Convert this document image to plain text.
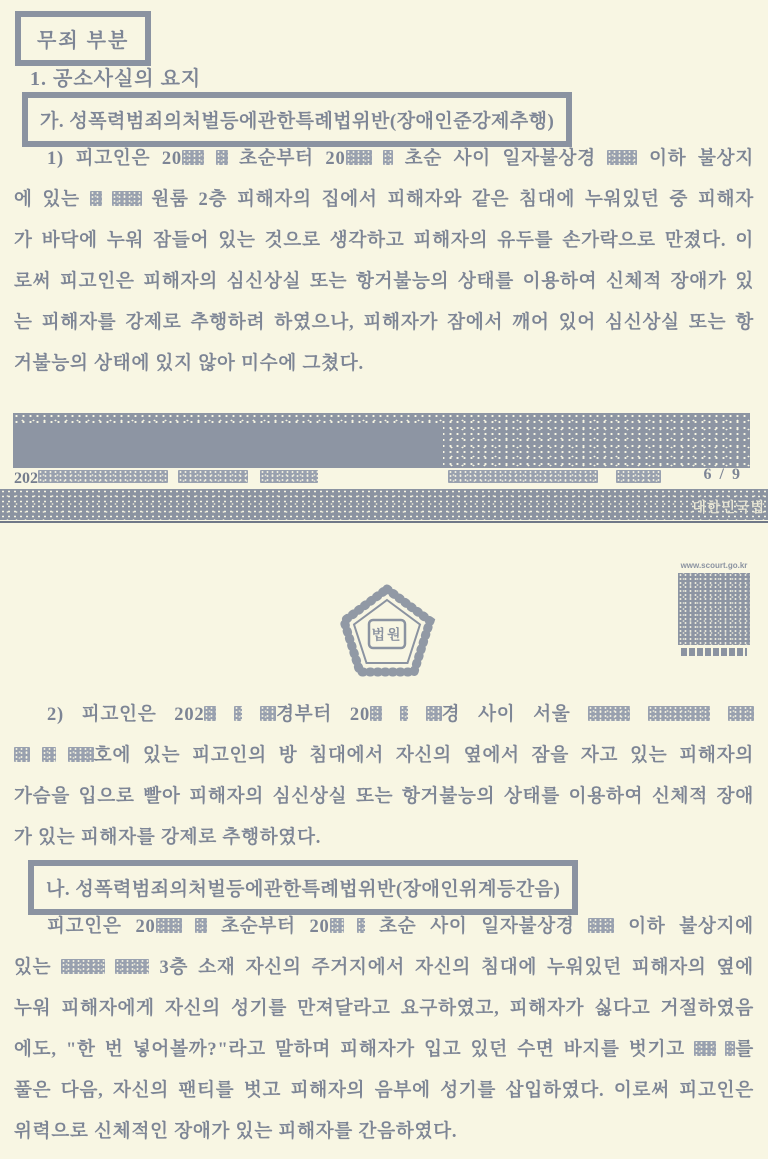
무죄 부분
1. 공소사실의 요지
가. 성폭력범죄의처벌등에관한특례법위반(장애인준강제추행)
1) 피고인은 20  초순부터 20	초순 사이 일자불상경  이하 불상지
에 있는	원룸 2층 피해자의 집에서 피해자와 같은 침대에 누워있던 중 피해자
가 바닥에 누워 잠들어 있는 것으로 생각하고 피해자의 유두를 손가락으로 만졌다. 이
로써 피고인은 피해자의 심신상실 또는 항거불능의 상태를 이용하여 신체적 장애가 있
는 피해자를 강제로 추행하려 하였으나, 피해자가 잠에서 깨어 있어 심신상실 또는 항
거불능의 상태에 있지 않아 미수에 그쳤다.
202	6 / 9
대한민국법
법원
www.scourt.go.kr
2) 피고인은 202	경부터 20	경 사이 서울
호에 있는 피고인의 방 침대에서 자신의 옆에서 잠을 자고 있는 피해자의
가슴을 입으로 빨아 피해자의 심신상실 또는 항거불능의 상태를 이용하여 신체적 장애
가 있는 피해자를 강제로 추행하였다.
나. 성폭력범죄의처벌등에관한특례법위반(장애인위계등간음)
피고인은 20	초순부터 20  초순 사이 일자불상경  이하 불상지에
있는	3층 소재 자신의 주거지에서 자신의 침대에 누워있던 피해자의 옆에
누워 피해자에게 자신의 성기를 만져달라고 요구하였고, 피해자가 싫다고 거절하였음
에도, "한 번 넣어볼까?"라고 말하며 피해자가 입고 있던 수면 바지를 벗기고  를
풀은 다음, 자신의 팬티를 벗고 피해자의 음부에 성기를 삽입하였다. 이로써 피고인은
위력으로 신체적인 장애가 있는 피해자를 간음하였다.
